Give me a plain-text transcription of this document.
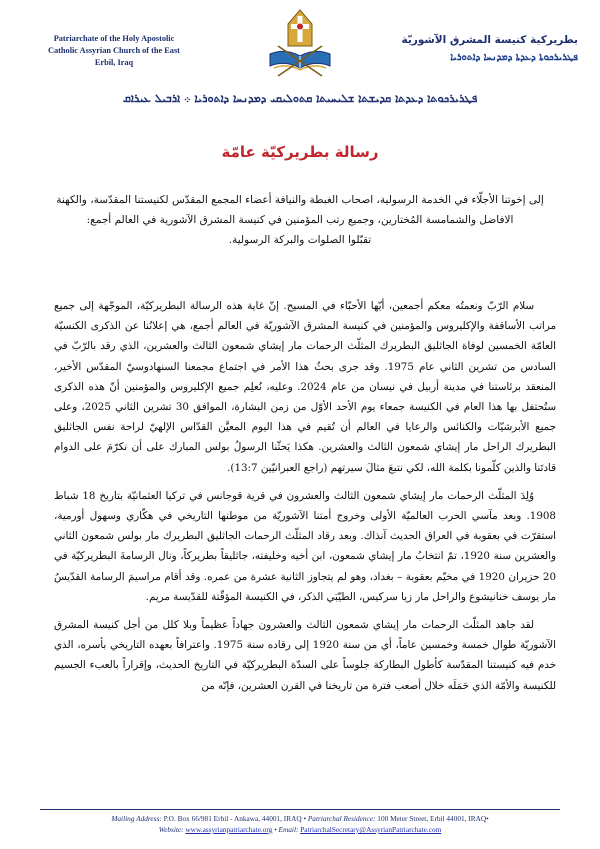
Patriarchate of the Holy Apostolic
Catholic Assyrian Church of the East
Erbil, Iraq
بطريركية كنيسة المشرق الآشوريّة
ܦܛܪܝܪܟܘܬܐ ܕܥܕܬܐ ܕܡܕܢܚܐ ܕܐܬܘܪܝܐ
ܦܛܪܝܪܟܘܬܐ ܕܥܕܬܐ ܩܕܝܫܬܐ ܫܠܝܚܝܬܐ ܩܬܘܠܝܩܝ ܕܡܕܢܚܐ ܕܐܬܘܪܝܐ ܀ ܐܪܒܝܠ ܥܝܪܐܩ
رسالة بطريركيّة عامّة
إلى إخوتنا الأجلّاء في الخدمة الرسولية، اصحاب الغبطة والنيافة أعضاء المجمع المقدّس لكنيستنا المقدّسة، والكهنة
الافاضل والشمامسة المُختارين، وجميع رتب المؤمنين في كنيسة المشرق الآشورية في العالم أجمع:
تقبّلوا الصلوات والبركة الرسولية.

سلام الرّبّ ونعمتُه معكم أجمعين، أيّها الأحبّاء في المسيح. إنّ غاية هذه الرسالة البطريركيّة، الموجّهة إلى جميع مراتب الأساقفة والإكليروس والمؤمنين في كنيسة المشرق الآشوريّة في العالم أجمع، هي إعلانُنا عن الذكرى الكنسيّة العامّة الخمسين لوفاة الجاثليق البطريرك المثلّث الرحمات مار إيشاي شمعون الثالث والعشرين، الذي رقد بالرّبّ في السادس من تشرين الثاني عام 1975. وقد جرى بحثُ هذا الأمر في اجتماع مجمعنا السنهادوسيّ المقدّس الأخير، المنعقد برئاستنا في مدينة أربيل في نيسان من عام 2024. وعليه، نُعلِم جميع الإكليروس والمؤمنين أنّ هذه الذكرى ستُحتفل بها هذا العام في الكنيسة جمعاء يوم الأحد الأوّل من زمن البشارة، الموافق 30 تشرين الثاني 2025، وعلى جميع الأبرشيّات والكنائس والرعايا في العالم أن تُقيم في هذا اليوم المعيَّن القدّاس الإلهيّ لراحة نفس الجاثليق البطريرك الراحل مار إيشاي شمعون الثالث والعشرين. هكذا يَحثّنا الرسولُ بولس المبارك على أن نكرّمَ على الدوام قادتَنا والذين كلّمونا بكلمة الله، لكي نتبعَ مثالَ سيرتهم (راجع العبرانيّين 13:7).

وُلِدَ المثلّث الرحمات مار إيشاي شمعون الثالث والعشرون في قرية قوجانس في تركيا العثمانيّة بتاريخ 18 شباط 1908. وبعد مآسي الحرب العالميّة الأولى وخروج أمتنا الآشوريّة من موطنها التاريخي في هكّاري وسهول أورمية، استقرّت في بعقوبة في العراق الحديث آنذاك. وبعد رقاد المثلّث الرحمات الجاثليق البطريرك مار بولس شمعون الثاني والعشرين سنة 1920، تمّ انتخابُ مار إيشاي شمعون، ابن أخيه وخليفته، جاثليقاً بطريركاً، ونال الرسامةَ البطريركيّة في 20 حزيران 1920 في مخيّم بعقوبة – بغداد، وهو لم يتجاوز الثانية عشرة من عمره. وقد أقام مراسيمَ الرسامة القدّيسُ مار يوسف خنانيشوع والراحل مار زيا سركيس، الطيّبَي الذكر، في الكنيسة المؤقّتة للقدّيسة مريم.

لقد جاهد المثلّث الرحمات مار إيشاي شمعون الثالث والعشرون جهاداً عظيماً وبلا كلل من أجل كنيسة المشرق الآشوريّة طوال خمسة وخمسين عاماً، أي من سنة 1920 إلى رقاده سنة 1975. واعترافاً بعهده التاريخي بأسره، الذي خدم فيه كنيستنا المقدّسة كأطول البطاركة جلوساً على السدّة البطريركيّة في التاريخ الحديث، وإقراراً بالعبء الجسيم للكنيسة والأمّة الذي حَمَلَه خلال أصعب فترة من تاريخنا في القرن العشرين، فإنّه من

Mailing Address: P.O. Box 66/981 Erbil - Ankawa, 44001, IRAQ • Patriarchal Residence: 100 Meter Street, Erbil 44001, IRAQ•
Website: www.assyrianpatriarchate.org • Email: PatriarchalSecretary@AssyrianPatriarchate.com
